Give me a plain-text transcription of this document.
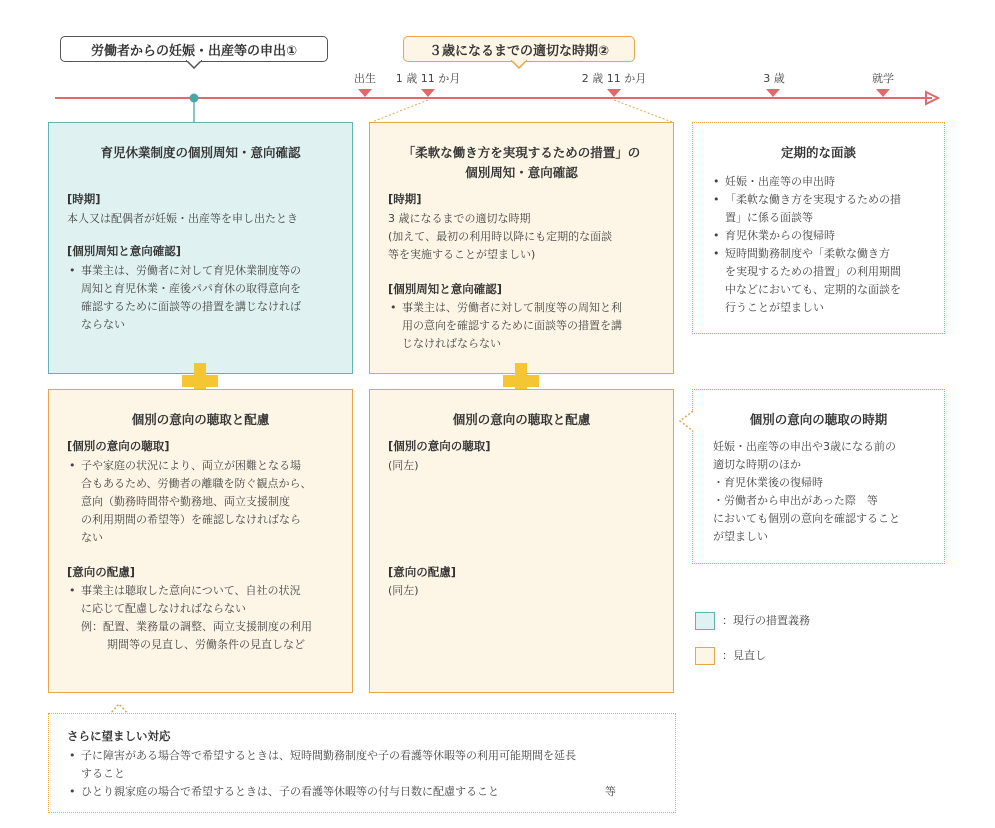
労働者からの妊娠・出産等の申出①	３歳になるまでの適切な時期②
出生	1 歳 11 か月	2 歳 11 か月	3 歳	就学
育児休業制度の個別周知・意向確認
[時期]
本人又は配偶者が妊娠・出産等を申し出たとき
[個別周知と意向確認]
• 事業主は、労働者に対して育児休業制度等の
周知と育児休業・産後パパ育休の取得意向を
確認するために面談等の措置を講じなければ
ならない
「柔軟な働き方を実現するための措置」の
個別周知・意向確認
[時期]
3 歳になるまでの適切な時期
(加えて、最初の利用時以降にも定期的な面談
等を実施することが望ましい)
[個別周知と意向確認]
• 事業主は、労働者に対して制度等の周知と利
用の意向を確認するために面談等の措置を講
じなければならない
定期的な面談
• 妊娠・出産等の申出時
• 「柔軟な働き方を実現するための措
置」に係る面談等
• 育児休業からの復帰時
• 短時間勤務制度や「柔軟な働き方
を実現するための措置」の利用期間
中などにおいても、定期的な面談を
行うことが望ましい
個別の意向の聴取と配慮
[個別の意向の聴取]
• 子や家庭の状況により、両立が困難となる場
合もあるため、労働者の離職を防ぐ観点から、
意向（勤務時間帯や勤務地、両立支援制度
の利用期間の希望等）を確認しなければなら
ない
[意向の配慮]
• 事業主は聴取した意向について、自社の状況
に応じて配慮しなければならない
例：配置、業務量の調整、両立支援制度の利用
期間等の見直し、労働条件の見直しなど
個別の意向の聴取と配慮
[個別の意向の聴取]
(同左)
[意向の配慮]
(同左)
個別の意向の聴取の時期
妊娠・出産等の申出や3歳になる前の
適切な時期のほか
・育児休業後の復帰時
・労働者から申出があった際　等
においても個別の意向を確認すること
が望ましい
：現行の措置義務
：見直し
さらに望ましい対応
• 子に障害がある場合等で希望するときは、短時間勤務制度や子の看護等休暇等の利用可能期間を延長
すること
• ひとり親家庭の場合で希望するときは、子の看護等休暇等の付与日数に配慮すること	等
